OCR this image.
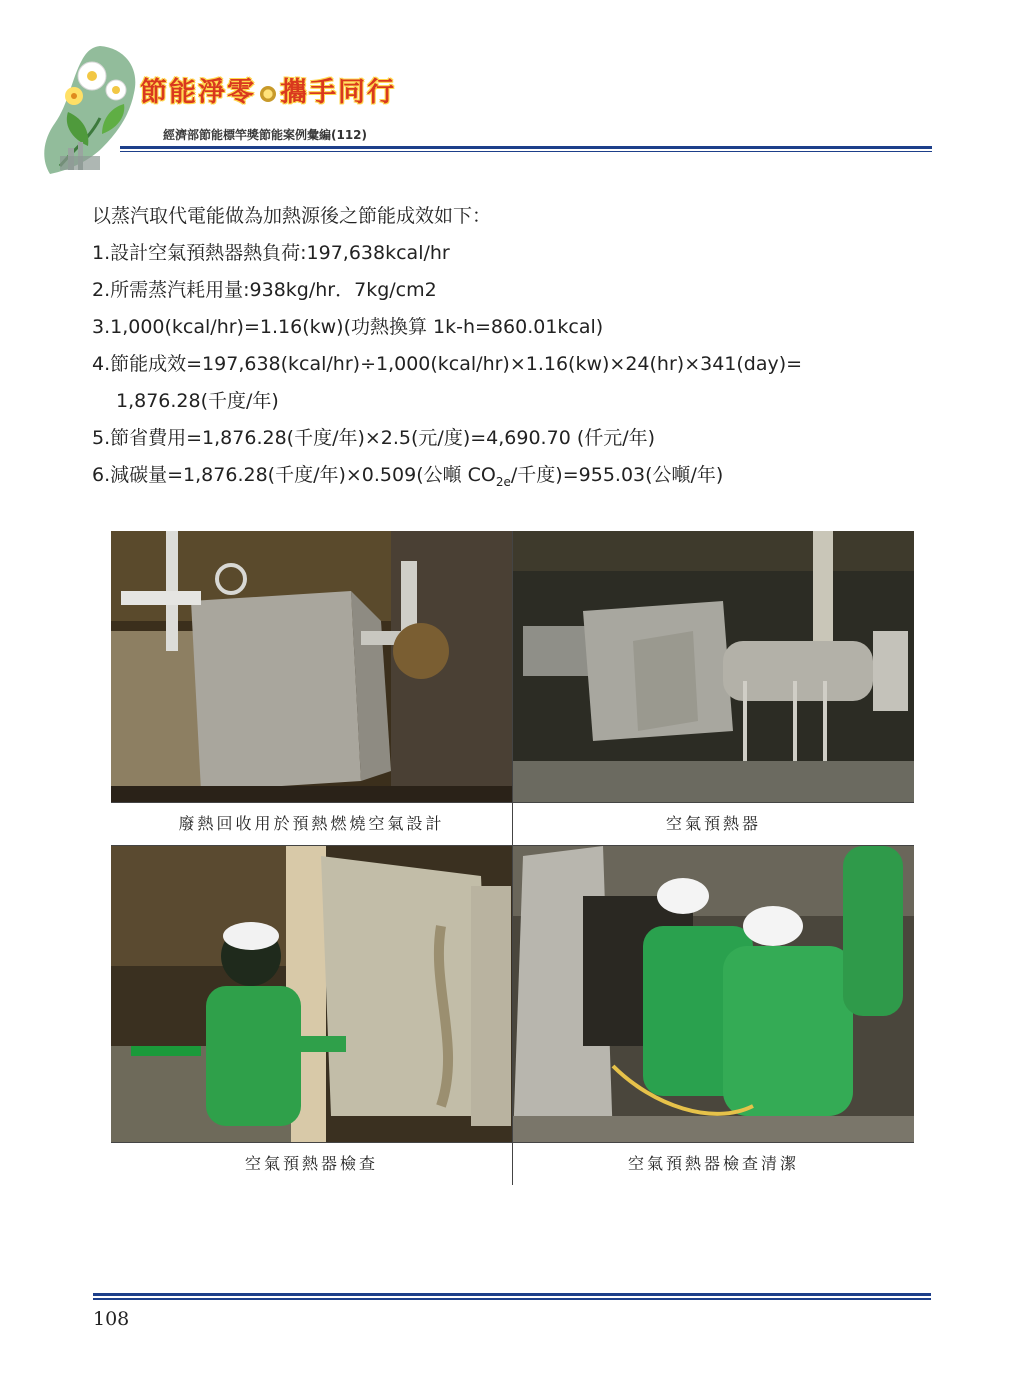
節能淨零 攜手同行
經濟部節能標竿獎節能案例彙編(112)

以蒸汽取代電能做為加熱源後之節能成效如下：

1.設計空氣預熱器熱負荷:197,638kcal/hr

2.所需蒸汽耗用量:938kg/hr．7kg/cm2

3.1,000(kcal/hr)=1.16(kw)(功熱換算 1k-h=860.01kcal)

4.節能成效=197,638(kcal/hr)÷1,000(kcal/hr)×1.16(kw)×24(hr)×341(day)=

1,876.28(千度/年)

5.節省費用=1,876.28(千度/年)×2.5(元/度)=4,690.70 (仟元/年)

6.減碳量=1,876.28(千度/年)×0.509(公噸 $CO_{2e}/$千度)=955.03(公噸/年)

廢熱回收用於預熱燃燒空氣設計	空氣預熱器
空氣預熱器檢查	空氣預熱器檢查清潔
108
